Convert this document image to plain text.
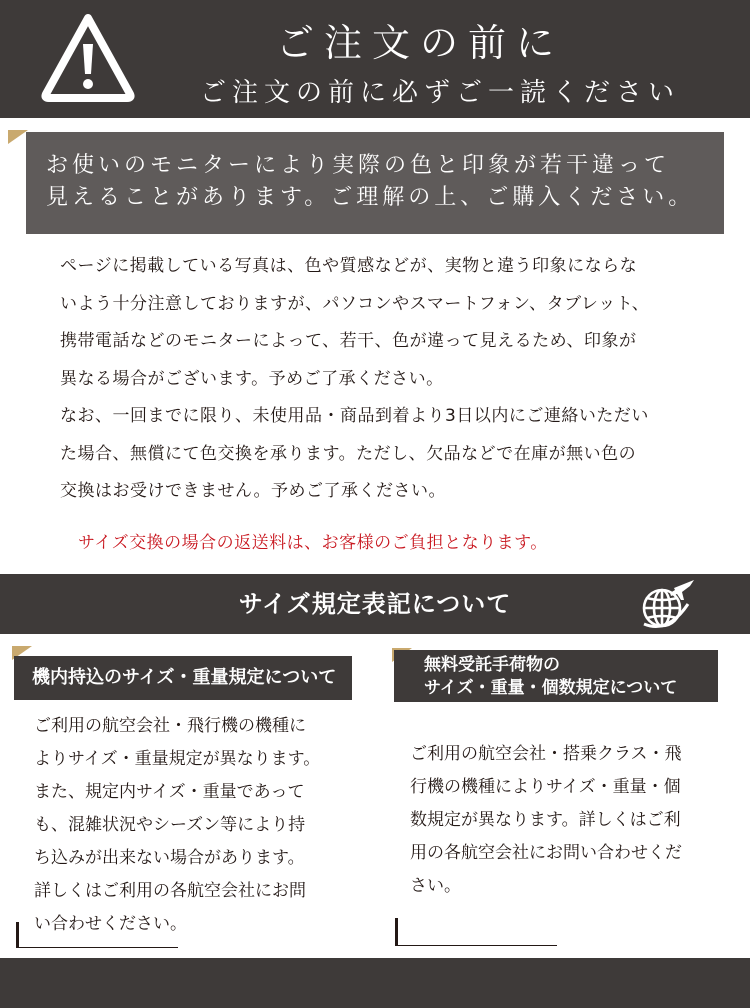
ご注文の前に
ご注文の前に必ずご一読ください
お使いのモニターにより実際の色と印象が若干違って
見えることがあります。ご理解の上、ご購入ください。
ページに掲載している写真は、色や質感などが、実物と違う印象にならな
いよう十分注意しておりますが、パソコンやスマートフォン、タブレット、
携帯電話などのモニターによって、若干、色が違って見えるため、印象が
異なる場合がございます。予めご了承ください。
なお、一回までに限り、未使用品・商品到着より3日以内にご連絡いただい
た場合、無償にて色交換を承ります。ただし、欠品などで在庫が無い色の
交換はお受けできません。予めご了承ください。
サイズ交換の場合の返送料は、お客様のご負担となります。
サイズ規定表記について
機内持込のサイズ・重量規定について
ご利用の航空会社・飛行機の機種に
よりサイズ・重量規定が異なります。
また、規定内サイズ・重量であって
も、混雑状況やシーズン等により持
ち込みが出来ない場合があります。
詳しくはご利用の各航空会社にお問
い合わせください。
無料受託手荷物の
サイズ・重量・個数規定について
ご利用の航空会社・搭乗クラス・飛
行機の機種によりサイズ・重量・個
数規定が異なります。詳しくはご利
用の各航空会社にお問い合わせくだ
さい。
